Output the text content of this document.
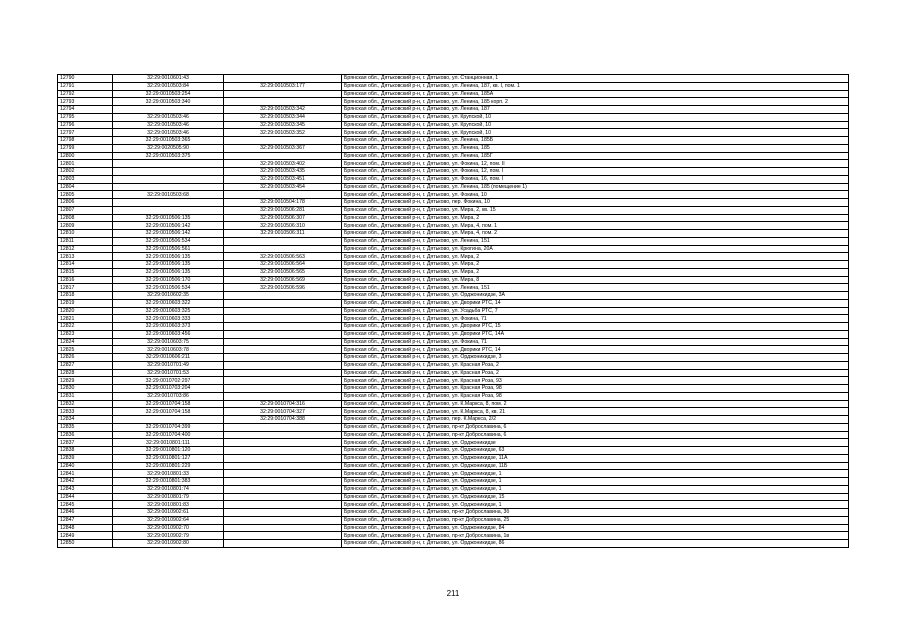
12790	32:29:0010601:43		Брянская обл., Дятьковский р-н, г. Дятьково, ул. Станционная, 1
12791	32:29:0010503:84	32:29:0010503:177	Брянская обл., Дятьковский р-н, г. Дятьково, ул. Ленина, 187, кв. I, пом. 1
12792	32:29:0010503:254		Брянская обл., Дятьковский р-н, г. Дятьково, ул. Ленина, 185А
12793	32:29:0010503:340		Брянская обл., Дятьковский р-н, г. Дятьково, ул. Ленина, 185 корп. 2
12794		32:29:0010503:342	Брянская обл., Дятьковский р-н, г. Дятьково, ул. Ленина, 187
12795	32:29:0010503:46	32:29:0010503:344	Брянская обл., Дятьковский р-н, г. Дятьково, ул. Крупской, 10
12796	32:29:0010503:46	32:29:0010503:345	Брянская обл., Дятьковский р-н, г. Дятьково, ул. Крупской, 10
12797	32:29:0010503:46	32:29:0010503:352	Брянская обл., Дятьковский р-н, г. Дятьково, ул. Крупской, 10
12798	32:29:0010503:365		Брянская обл., Дятьковский р-н, г. Дятьково, ул. Ленина, 185Б
12799	32:29:0020505:90	32:29:0010503:367	Брянская обл., Дятьковский р-н, г. Дятьково, ул. Ленина, 185
12800	32:29:0010503:375		Брянская обл., Дятьковский р-н, г. Дятьково, ул. Ленина, 185Г
12801		32:29:0010503:402	Брянская обл., Дятьковский р-н, г. Дятьково, ул. Фокина, 12, пом. II
12802		32:29:0010503:435	Брянская обл., Дятьковский р-н, г. Дятьково, ул. Фокина, 12, пом. I
12803		32:29:0010503:451	Брянская обл., Дятьковский р-н, г. Дятьково, ул. Фокина, 16, пом. I
12804		32:29:0010503:454	Брянская обл., Дятьковский р-н, г. Дятьково, ул. Ленина, 185 (помещение 1)
12805	32:29:0010503:68		Брянская обл., Дятьковский р-н, г. Дятьково, ул. Фокина, 10
12806		32:29:0010504:178	Брянская обл., Дятьковский р-н, г. Дятьково, пер. Фокина, 10
12807		32:29:0010506:281	Брянская обл., Дятьковский р-н, г. Дятьково, ул. Мира, 2, кв. 15
12808	32:29:0010506:135	32:29:0010506:307	Брянская обл., Дятьковский р-н, г. Дятьково, ул. Мира, 2
12809	32:29:0010506:142	32:29:0010506:310	Брянская обл., Дятьковский р-н, г. Дятьково, ул. Мира, 4, пом. 1
12810	32:29:0010506:142	32:29:0010506:311	Брянская обл., Дятьковский р-н, г. Дятьково, ул. Мира, 4, пом. 2
12811	32:29:0010506:534		Брянская обл., Дятьковский р-н, г. Дятьково, ул. Ленина, 151
12812	32:29:0010506:561		Брянская обл., Дятьковский р-н, г. Дятьково, ул. Крюгина, 20А
12813	32:29:0010506:135	32:29:0010506:563	Брянская обл., Дятьковский р-н, г. Дятьково, ул. Мира, 2
12814	32:29:0010506:135	32:29:0010506:564	Брянская обл., Дятьковский р-н, г. Дятьково, ул. Мира, 2
12815	32:29:0010506:135	32:29:0010506:565	Брянская обл., Дятьковский р-н, г. Дятьково, ул. Мира, 2
12816	32:29:0010506:170	32:29:0010506:569	Брянская обл., Дятьковский р-н, г. Дятьково, ул. Мира, 8
12817	32:29:0010506:534	32:29:0010506:596	Брянская обл., Дятьковский р-н, г. Дятьково, ул. Ленина, 151
12818	32:29:0010602:35		Брянская обл., Дятьковский р-н, г. Дятьково, ул. Орджоникидзе, 3А
12819	32:29:0010603:322		Брянская обл., Дятьковский р-н, г. Дятьково, ул. Дворики РТС, 14
12820	32:29:0010603:325		Брянская обл., Дятьковский р-н, г. Дятьково, ул. Усадьба РТС, 7
12821	32:29:0010603:333		Брянская обл., Дятьковский р-н, г. Дятьково, ул. Фокина, 71
12822	32:29:0010603:373		Брянская обл., Дятьковский р-н, г. Дятьково, ул. Дворики РТС, 15
12823	32:29:0010603:456		Брянская обл., Дятьковский р-н, г. Дятьково, ул. Дворики РТС, 14А
12824	32:29:0010603:75		Брянская обл., Дятьковский р-н, г. Дятьково, ул. Фокина, 71
12825	32:29:0010603:78		Брянская обл., Дятьковский р-н, г. Дятьково, ул. Дворики РТС, 14
12826	32:29:0010606:211		Брянская обл., Дятьковский р-н, г. Дятьково, ул. Орджоникидзе, 3
12827	32:29:0010701:49		Брянская обл., Дятьковский р-н, г. Дятьково, ул. Красная Роза, 2
12828	32:29:0010701:53		Брянская обл., Дятьковский р-н, г. Дятьково, ул. Красная Роза, 2
12829	32:29:0010702:297		Брянская обл., Дятьковский р-н, г. Дятьково, ул. Красная Роза, 93
12830	32:29:0010703:204		Брянская обл., Дятьковский р-н, г. Дятьково, ул. Красная Роза, 98
12831	32:29:0010703:86		Брянская обл., Дятьковский р-н, г. Дятьково, ул. Красная Роза, 98
12832	32:29:0010704:158	32:29:0010704:316	Брянская обл., Дятьковский р-н, г. Дятьково, ул. К.Маркса, 8, пом. 2
12833	32:29:0010704:158	32:29:0010704:327	Брянская обл., Дятьковский р-н, г. Дятьково, ул. К.Маркса, 8, кв. 21
12834		32:29:0010704:388	Брянская обл., Дятьковский р-н, г. Дятьково, пер. К.Маркса, 2/2
12835	32:29:0010704:399		Брянская обл., Дятьковский р-н, г. Дятьково, пр-кт Доброславина, 6
12836	32:29:0010704:400		Брянская обл., Дятьковский р-н, г. Дятьково, пр-кт Доброславина, 6
12837	32:29:0010801:111		Брянская обл., Дятьковский р-н, г. Дятьково, ул. Орджоникидзе
12838	32:29:0010801:120		Брянская обл., Дятьковский р-н, г. Дятьково, ул. Орджоникидзе, 63
12839	32:29:0010801:127		Брянская обл., Дятьковский р-н, г. Дятьково, ул. Орджоникидзе, 11А
12840	32:29:0010801:229		Брянская обл., Дятьковский р-н, г. Дятьково, ул. Орджоникидзе, 11Б
12841	32:29:0010801:33		Брянская обл., Дятьковский р-н, г. Дятьково, ул. Орджоникидзе, 1
12842	32:29:0010801:383		Брянская обл., Дятьковский р-н, г. Дятьково, ул. Орджоникидзе, 1
12843	32:29:0010801:74		Брянская обл., Дятьковский р-н, г. Дятьково, ул. Орджоникидзе, 1
12844	32:29:0010801:79		Брянская обл., Дятьковский р-н, г. Дятьково, ул. Орджоникидзе, 15
12845	32:29:0010801:83		Брянская обл., Дятьковский р-н, г. Дятьково, ул. Орджоникидзе, 1
12846	32:29:0010902:61		Брянская обл., Дятьковский р-н, г. Дятьково, пр-кт Доброславина, 3б
12847	32:29:0010902:64		Брянская обл., Дятьковский р-н, г. Дятьково, пр-кт Доброславина, 25
12848	32:29:0010902:70		Брянская обл., Дятьковский р-н, г. Дятьково, ул. Орджоникидзе, 84
12849	32:29:0010902:79		Брянская обл., Дятьковский р-н, г. Дятьково, пр-кт Доброславина, 1в
12850	32:29:0010902:80		Брянская обл., Дятьковский р-н, г. Дятьково, ул. Орджоникидзе, 86
211
